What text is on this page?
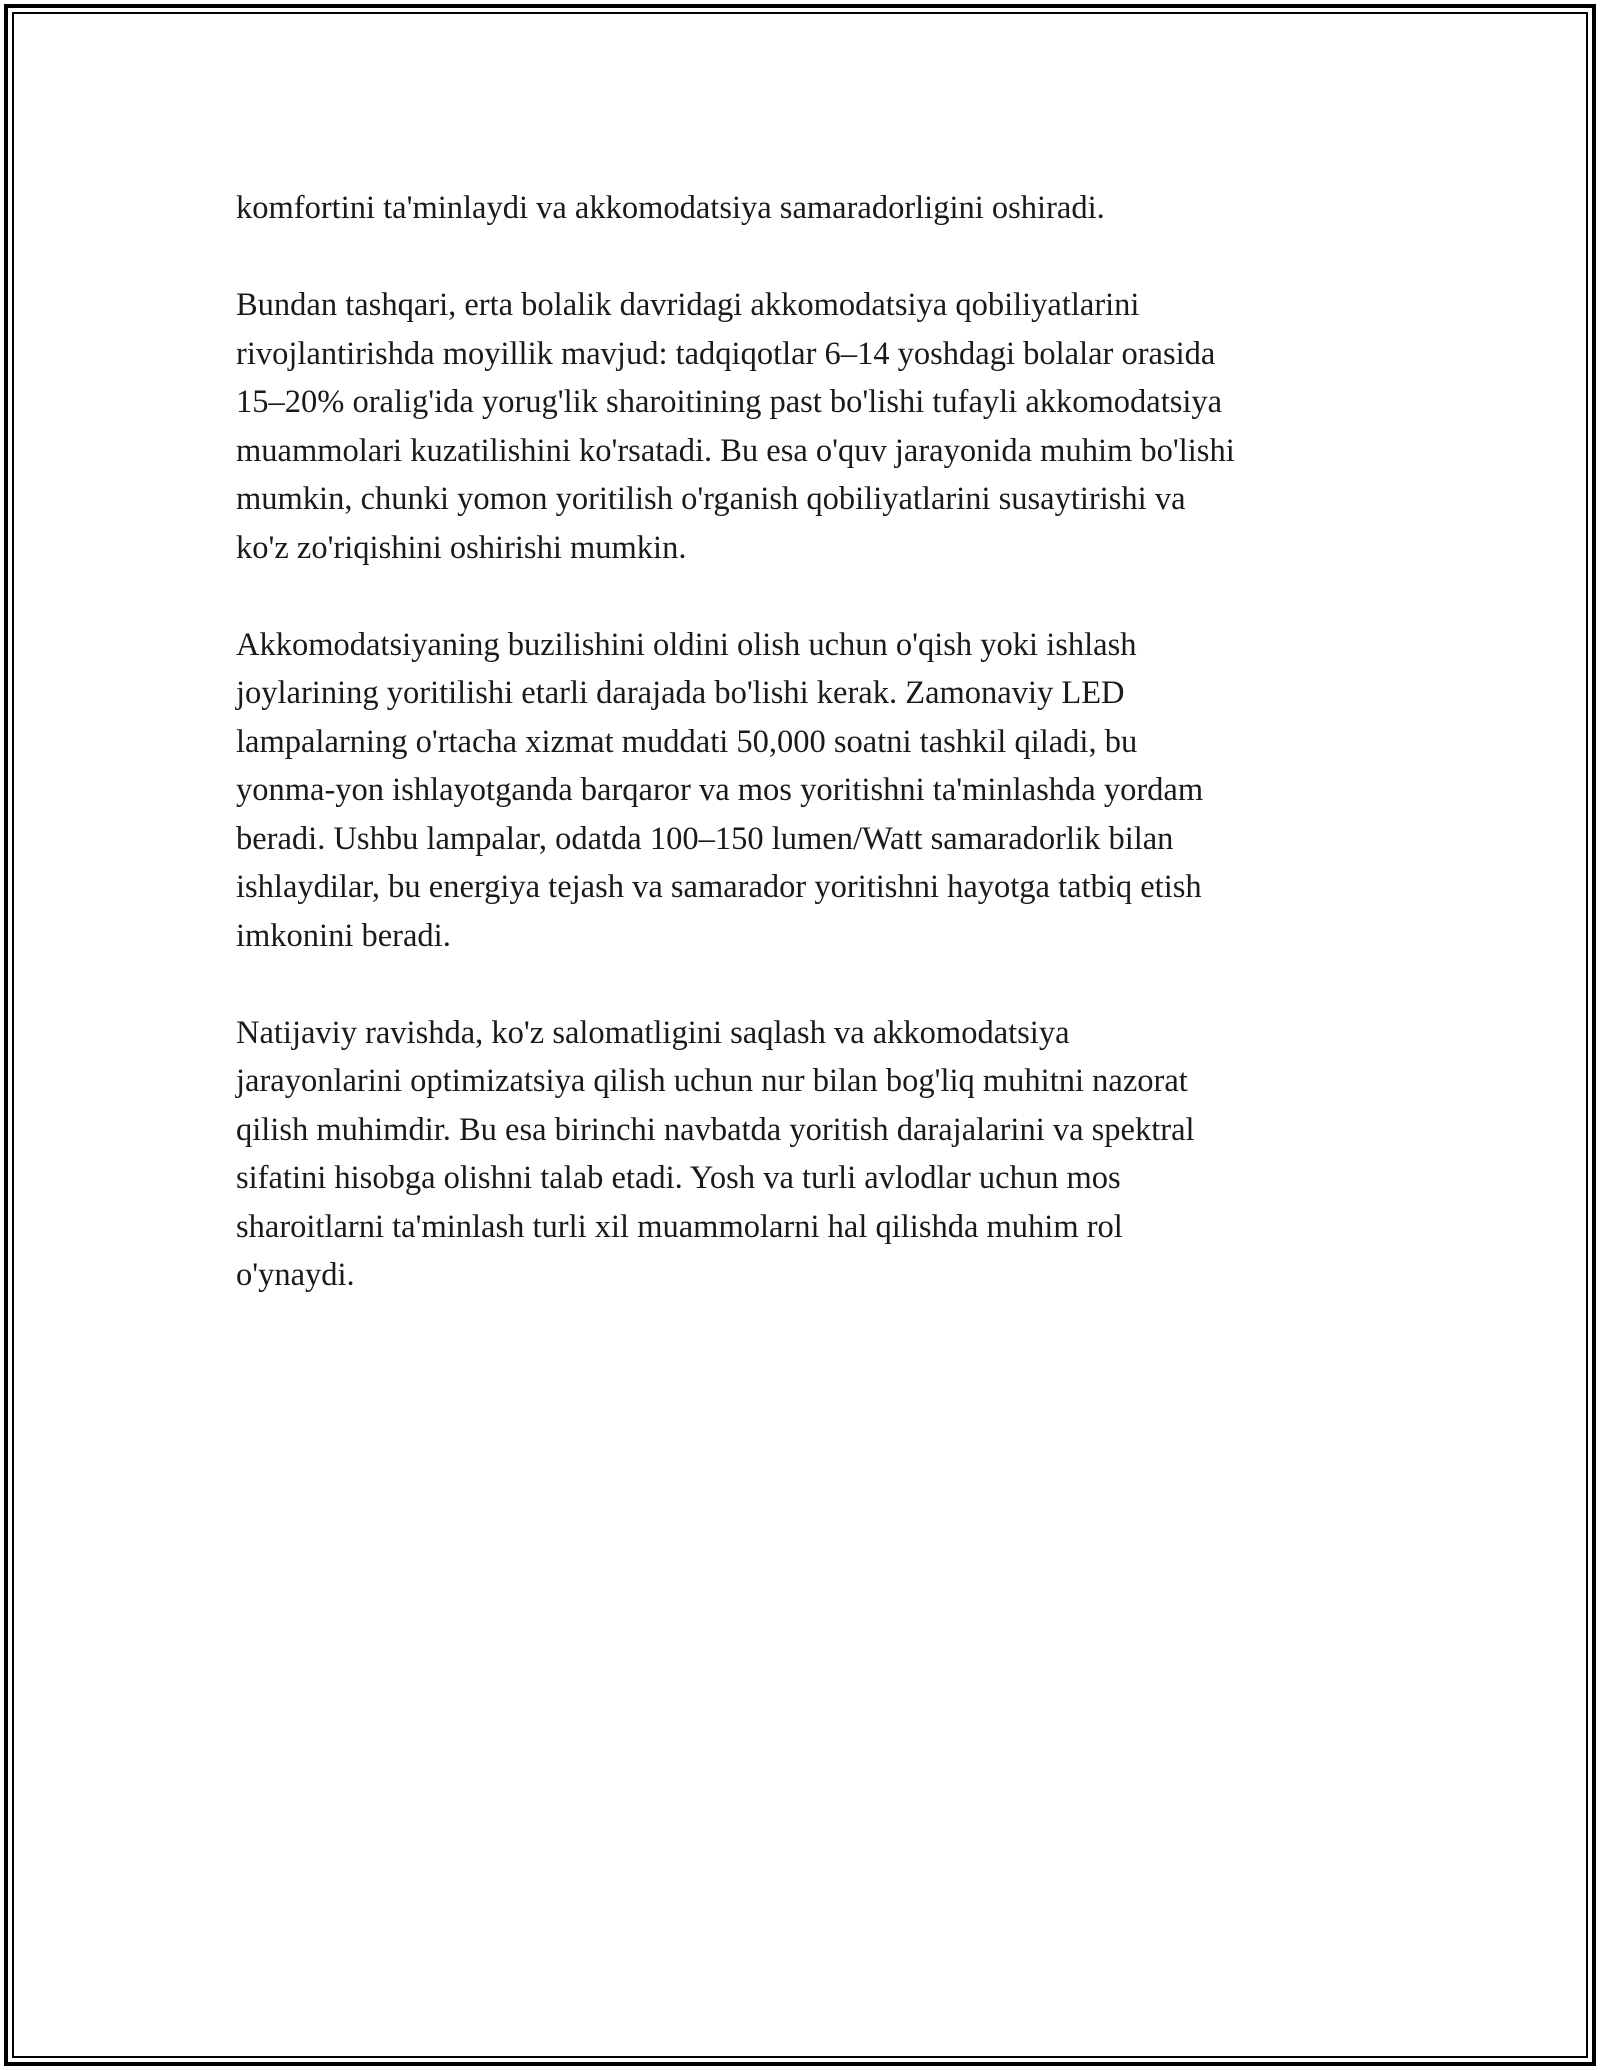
komfortini ta'minlaydi va akkomodatsiya samaradorligini oshiradi.

Bundan tashqari, erta bolalik davridagi akkomodatsiya qobiliyatlarini
rivojlantirishda moyillik mavjud: tadqiqotlar 6–14 yoshdagi bolalar orasida
15–20% oralig'ida yorug'lik sharoitining past bo'lishi tufayli akkomodatsiya
muammolari kuzatilishini ko'rsatadi. Bu esa o'quv jarayonida muhim bo'lishi
mumkin, chunki yomon yoritilish o'rganish qobiliyatlarini susaytirishi va
ko'z zo'riqishini oshirishi mumkin.

Akkomodatsiyaning buzilishini oldini olish uchun o'qish yoki ishlash
joylarining yoritilishi etarli darajada bo'lishi kerak. Zamonaviy LED
lampalarning o'rtacha xizmat muddati 50,000 soatni tashkil qiladi, bu
yonma-yon ishlayotganda barqaror va mos yoritishni ta'minlashda yordam
beradi. Ushbu lampalar, odatda 100–150 lumen/Watt samaradorlik bilan
ishlaydilar, bu energiya tejash va samarador yoritishni hayotga tatbiq etish
imkonini beradi.

Natijaviy ravishda, ko'z salomatligini saqlash va akkomodatsiya
jarayonlarini optimizatsiya qilish uchun nur bilan bog'liq muhitni nazorat
qilish muhimdir. Bu esa birinchi navbatda yoritish darajalarini va spektral
sifatini hisobga olishni talab etadi. Yosh va turli avlodlar uchun mos
sharoitlarni ta'minlash turli xil muammolarni hal qilishda muhim rol
o'ynaydi.
